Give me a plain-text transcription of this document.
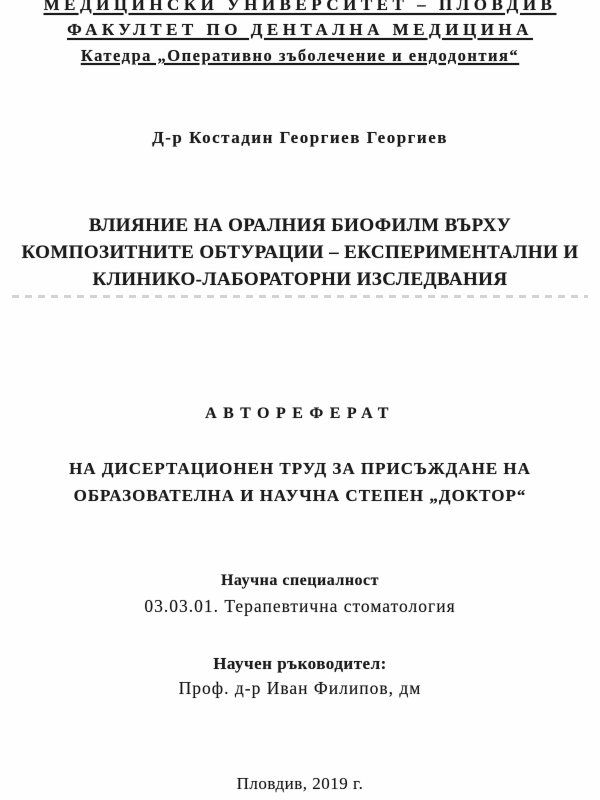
МЕДИЦИНСКИ УНИВЕРСИТЕТ – ПЛОВДИВ
ФАКУЛТЕТ ПО ДЕНТАЛНА МЕДИЦИНА
Катедра „Оперативно зъболечение и ендодонтия“
Д-р Костадин Георгиев Георгиев
ВЛИЯНИЕ НА ОРАЛНИЯ БИОФИЛМ ВЪРХУ
КОМПОЗИТНИТЕ ОБТУРАЦИИ – ЕКСПЕРИМЕНТАЛНИ И
КЛИНИКО-ЛАБОРАТОРНИ ИЗСЛЕДВАНИЯ
АВТОРЕФЕРАТ
НА ДИСЕРТАЦИОНЕН ТРУД ЗА ПРИСЪЖДАНЕ НА
ОБРАЗОВАТЕЛНА И НАУЧНА СТЕПЕН „ДОКТОР“
Научна специалност
03.03.01. Терапевтична стоматология
Научен ръководител:
Проф. д-р Иван Филипов, дм
Пловдив, 2019 г.
